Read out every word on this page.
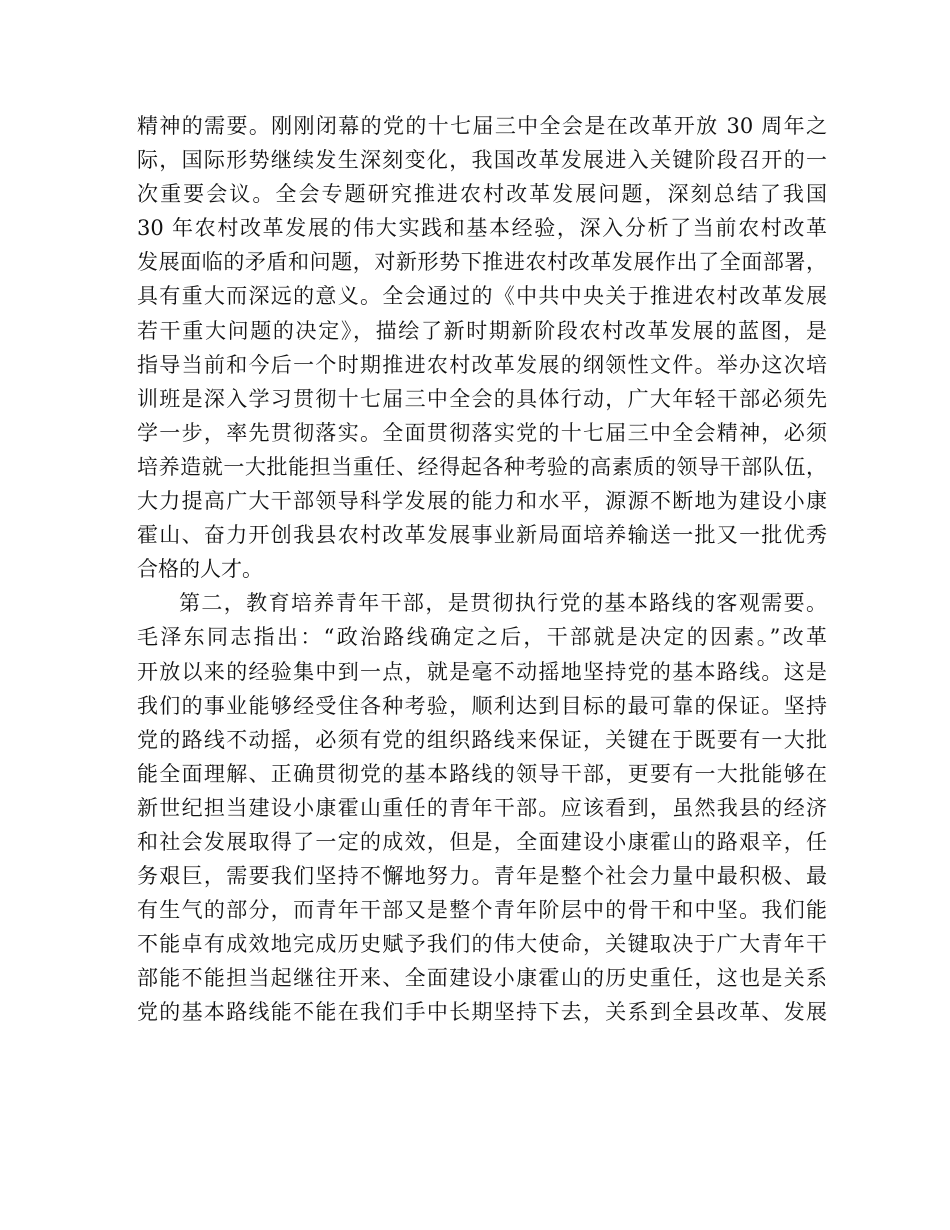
精神的需要。刚刚闭幕的党的十七届三中全会是在改革开放 30 周年之
际，国际形势继续发生深刻变化，我国改革发展进入关键阶段召开的一
次重要会议。全会专题研究推进农村改革发展问题，深刻总结了我国
30 年农村改革发展的伟大实践和基本经验，深入分析了当前农村改革
发展面临的矛盾和问题，对新形势下推进农村改革发展作出了全面部署，
具有重大而深远的意义。全会通过的《中共中央关于推进农村改革发展
若干重大问题的决定》，描绘了新时期新阶段农村改革发展的蓝图，是
指导当前和今后一个时期推进农村改革发展的纲领性文件。举办这次培
训班是深入学习贯彻十七届三中全会的具体行动，广大年轻干部必须先
学一步，率先贯彻落实。全面贯彻落实党的十七届三中全会精神，必须
培养造就一大批能担当重任、经得起各种考验的高素质的领导干部队伍，
大力提高广大干部领导科学发展的能力和水平，源源不断地为建设小康
霍山、奋力开创我县农村改革发展事业新局面培养输送一批又一批优秀
合格的人才。
第二，教育培养青年干部，是贯彻执行党的基本路线的客观需要。
毛泽东同志指出：“政治路线确定之后，干部就是决定的因素。”改革
开放以来的经验集中到一点，就是毫不动摇地坚持党的基本路线。这是
我们的事业能够经受住各种考验，顺利达到目标的最可靠的保证。坚持
党的路线不动摇，必须有党的组织路线来保证，关键在于既要有一大批
能全面理解、正确贯彻党的基本路线的领导干部，更要有一大批能够在
新世纪担当建设小康霍山重任的青年干部。应该看到，虽然我县的经济
和社会发展取得了一定的成效，但是，全面建设小康霍山的路艰辛，任
务艰巨，需要我们坚持不懈地努力。青年是整个社会力量中最积极、最
有生气的部分，而青年干部又是整个青年阶层中的骨干和中坚。我们能
不能卓有成效地完成历史赋予我们的伟大使命，关键取决于广大青年干
部能不能担当起继往开来、全面建设小康霍山的历史重任，这也是关系
党的基本路线能不能在我们手中长期坚持下去，关系到全县改革、发展
